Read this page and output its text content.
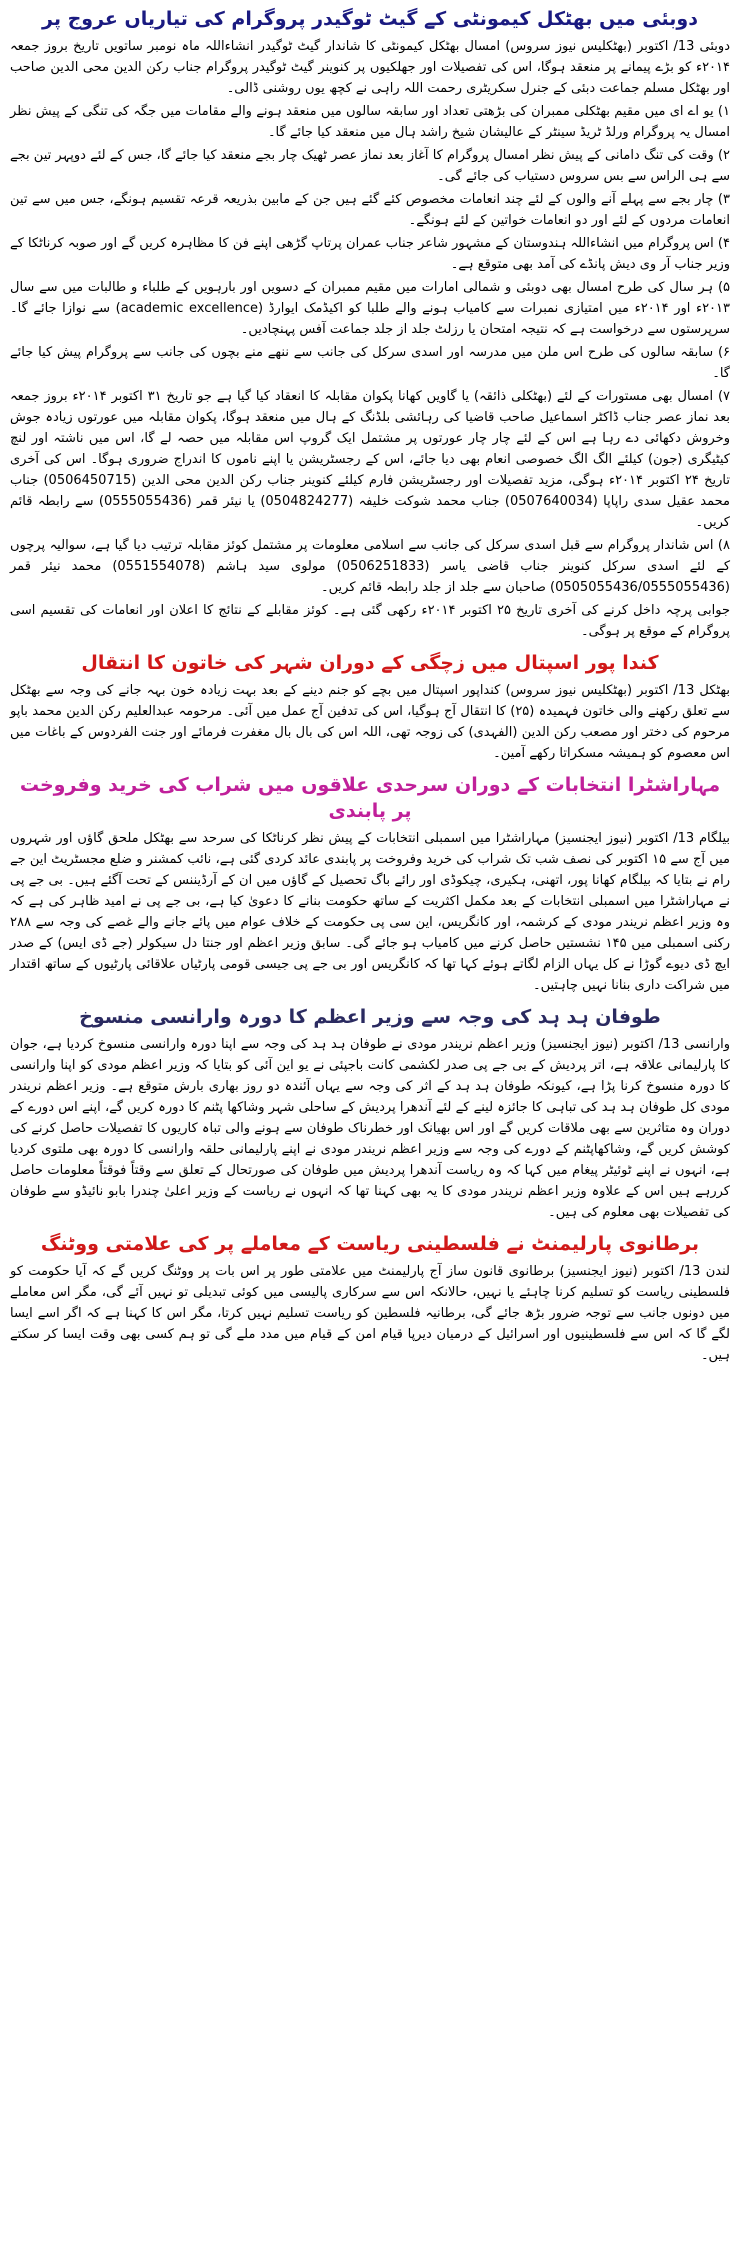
دوبئی میں بھٹکل کیمونٹی کے گیٹ ٹوگیدر پروگرام کی تیاریاں عروج پر

دوبئی 13/ اکتوبر (بھٹکلیس نیوز سروس) امسال بھٹکل کیمونٹی کا شاندار گیٹ ٹوگیدر انشاءاللہ ماہ نومبر ساتویں تاریخ بروز جمعہ ۲۰۱۴ء کو بڑے پیمانے پر منعقد ہوگا، اس کی تفصیلات اور جھلکیوں پر کنوینر گیٹ ٹوگیدر پروگرام جناب رکن الدین محی الدین صاحب اور بھٹکل مسلم جماعت دبئی کے جنرل سکریٹری رحمت اللہ راہی نے کچھ یوں روشنی ڈالی۔

۱) یو اے ای میں مقیم بھٹکلی ممبران کی بڑھتی تعداد اور سابقہ سالوں میں منعقد ہونے والے مقامات میں جگہ کی تنگی کے پیش نظر امسال یہ پروگرام ورلڈ ٹریڈ سینٹر کے عالیشان شیخ راشد ہال میں منعقد کیا جائے گا۔

۲) وقت کی تنگ دامانی کے پیش نظر امسال پروگرام کا آغاز بعد نماز عصر ٹھیک چار بجے منعقد کیا جائے گا، جس کے لئے دوپہر تین بجے سے ہی الراس سے بس سروس دستیاب کی جائے گی۔

۳) چار بجے سے پہلے آنے والوں کے لئے چند انعامات مخصوص کئے گئے ہیں جن کے مابین بذریعہ قرعہ تقسیم ہونگے، جس میں سے تین انعامات مردوں کے لئے اور دو انعامات خواتین کے لئے ہونگے۔

۴) اس پروگرام میں انشاءاللہ ہندوستان کے مشہور شاعر جناب عمران پرتاپ گڑھی اپنے فن کا مظاہرہ کریں گے اور صوبہ کرناٹکا کے وزیر جناب آر وی دیش پانڈے کی آمد بھی متوقع ہے۔

۵) ہر سال کی طرح امسال بھی دوبئی و شمالی امارات میں مقیم ممبران کے دسویں اور بارہویں کے طلباء و طالبات میں سے سال ۲۰۱۳ء اور ۲۰۱۴ء میں امتیازی نمبرات سے کامیاب ہونے والے طلبا کو اکیڈمک ایوارڈ (academic excellence) سے نوازا جائے گا۔ سرپرستوں سے درخواست ہے کہ نتیجہ امتحان یا رزلٹ جلد از جلد جماعت آفس پہنچادیں۔

۶) سابقہ سالوں کی طرح اس ملن میں مدرسہ اور اسدی سرکل کی جانب سے ننھے منے بچوں کی جانب سے پروگرام پیش کیا جائے گا۔

۷) امسال بھی مستورات کے لئے (بھٹکلی ذائقہ) یا گاویں کھانا پکوان مقابلہ کا انعقاد کیا گیا ہے جو تاریخ ۳۱ اکتوبر ۲۰۱۴ء بروز جمعہ بعد نماز عصر جناب ڈاکٹر اسماعیل صاحب قاضیا کی رہائشی بلڈنگ کے ہال میں منعقد ہوگا، پکوان مقابلہ میں عورتوں زیادہ جوش وخروش دکھائی دے رہا ہے اس کے لئے چار چار عورتوں پر مشتمل ایک گروپ اس مقابلہ میں حصہ لے گا، اس میں ناشتہ اور لنچ کیٹیگری (جون) کیلئے الگ الگ خصوصی انعام بھی دیا جائے، اس کے رجسٹریشن یا اپنے ناموں کا اندراج ضروری ہوگا۔ اس کی آخری تاریخ ۲۴ اکتوبر ۲۰۱۴ء ہوگی، مزید تفصیلات اور رجسٹریشن فارم کیلئے کنوینر جناب رکن الدین محی الدین (0506450715) جناب محمد عقیل سدی راپاپا (0507640034) جناب محمد شوکت خلیفہ (0504824277) یا نیئر قمر (0555055436) سے رابطہ قائم کریں۔

۸) اس شاندار پروگرام سے قبل اسدی سرکل کی جانب سے اسلامی معلومات پر مشتمل کوئز مقابلہ ترتیب دیا گیا ہے، سوالیہ پرچوں کے لئے اسدی سرکل کنوینر جناب قاضی یاسر (0506251833) مولوی سید ہاشم (0551554078) محمد نیئر قمر (0505055436/0555055436) صاحبان سے جلد از جلد رابطہ قائم کریں۔

جوابی پرچہ داخل کرنے کی آخری تاریخ ۲۵ اکتوبر ۲۰۱۴ء رکھی گئی ہے۔ کوئز مقابلے کے نتائج کا اعلان اور انعامات کی تقسیم اسی پروگرام کے موقع پر ہوگی۔

کندا پور اسپتال میں زچگی کے دوران شہر کی خاتون کا انتقال

بھٹکل 13/ اکتوبر (بھٹکلیس نیوز سروس) کنداپور اسپتال میں بچے کو جنم دینے کے بعد بہت زیادہ خون بہہ جانے کی وجہ سے بھٹکل سے تعلق رکھنے والی خاتون فہمیدہ (۲۵) کا انتقال آج ہوگیا، اس کی تدفین آج عمل میں آئی۔ مرحومہ عبدالعلیم رکن الدین محمد باپو مرحوم کی دختر اور مصعب رکن الدین (الفہدی) کی زوجہ تھی، اللہ اس کی بال بال مغفرت فرمائے اور جنت الفردوس کے باغات میں اس معصوم کو ہمیشہ مسکراتا رکھے آمین۔

مہاراشٹرا انتخابات کے دوران سرحدی علاقوں میں شراب کی خرید وفروخت پر پابندی

بیلگام 13/ اکتوبر (نیوز ایجنسیز) مہاراشٹرا میں اسمبلی انتخابات کے پیش نظر کرناٹکا کی سرحد سے بھٹکل ملحق گاؤں اور شہروں میں آج سے ۱۵ اکتوبر کی نصف شب تک شراب کی خرید وفروخت پر پابندی عائد کردی گئی ہے، نائب کمشنر و ضلع مجسٹریٹ این جے رام نے بتایا کہ بیلگام کھانا پور، اتھنی، ہکیری، چیکوڈی اور رائے باگ تحصیل کے گاؤں میں ان کے آرڈیننس کے تحت آگئے ہیں۔ بی جے پی نے مہاراشٹرا میں اسمبلی انتخابات کے بعد مکمل اکثریت کے ساتھ حکومت بنانے کا دعویٰ کیا ہے، بی جے پی نے امید ظاہر کی ہے کہ وہ وزیر اعظم نریندر مودی کے کرشمہ، اور کانگریس، این سی پی حکومت کے خلاف عوام میں پائے جانے والے غصے کی وجہ سے ۲۸۸ رکنی اسمبلی میں ۱۴۵ نشستیں حاصل کرنے میں کامیاب ہو جائے گی۔ سابق وزیر اعظم اور جنتا دل سیکولر (جے ڈی ایس) کے صدر ایچ ڈی دیوے گوڑا نے کل یہاں الزام لگاتے ہوئے کہا تھا کہ کانگریس اور بی جے پی جیسی قومی پارٹیاں علاقائی پارٹیوں کے ساتھ اقتدار میں شراکت داری بنانا نہیں چاہتیں۔

طوفان ہد ہد کی وجہ سے وزیر اعظم کا دورہ وارانسی منسوخ

وارانسی 13/ اکتوبر (نیوز ایجنسیز) وزیر اعظم نریندر مودی نے طوفان ہد ہد کی وجہ سے اپنا دورہ وارانسی منسوخ کردیا ہے، جوان کا پارلیمانی علاقہ ہے، اتر پردیش کے بی جے پی صدر لکشمی کانت باجپئی نے یو این آئی کو بتایا کہ وزیر اعظم مودی کو اپنا وارانسی کا دورہ منسوخ کرنا پڑا ہے، کیونکہ طوفان ہد ہد کے اثر کی وجہ سے یہاں آئندہ دو روز بھاری بارش متوقع ہے۔ وزیر اعظم نریندر مودی کل طوفان ہد ہد کی تباہی کا جائزہ لینے کے لئے آندھرا پردیش کے ساحلی شہر وشاکھا پٹنم کا دورہ کریں گے، اپنے اس دورے کے دوران وہ متاثرین سے بھی ملاقات کریں گے اور اس بھیانک اور خطرناک طوفان سے ہونے والی تباہ کاریوں کا تفصیلات حاصل کرنے کی کوشش کریں گے، وشاکھاپٹنم کے دورے کی وجہ سے وزیر اعظم نریندر مودی نے اپنے پارلیمانی حلقہ وارانسی کا دورہ بھی ملتوی کردیا ہے، انہوں نے اپنے ٹوئیٹر پیغام میں کہا کہ وہ ریاست آندھرا پردیش میں طوفان کی صورتحال کے تعلق سے وقتاً فوقتاً معلومات حاصل کررہے ہیں اس کے علاوہ وزیر اعظم نریندر مودی کا یہ بھی کہنا تھا کہ انہوں نے ریاست کے وزیر اعلیٰ چندرا بابو نائیڈو سے طوفان کی تفصیلات بھی معلوم کی ہیں۔

برطانوی پارلیمنٹ نے فلسطینی ریاست کے معاملے پر کی علامتی ووٹنگ

لندن 13/ اکتوبر (نیوز ایجنسیز) برطانوی قانون ساز آج پارلیمنٹ میں علامتی طور پر اس بات پر ووٹنگ کریں گے کہ آیا حکومت کو فلسطینی ریاست کو تسلیم کرنا چاہئے یا نہیں، حالانکہ اس سے سرکاری پالیسی میں کوئی تبدیلی تو نہیں آئے گی، مگر اس معاملے میں دونوں جانب سے توجہ ضرور بڑھ جائے گی، برطانیہ فلسطین کو ریاست تسلیم نہیں کرتا، مگر اس کا کہنا ہے کہ اگر اسے ایسا لگے گا کہ اس سے فلسطینیوں اور اسرائیل کے درمیان دیرپا قیام امن کے قیام میں مدد ملے گی تو ہم کسی بھی وقت ایسا کر سکتے ہیں۔
